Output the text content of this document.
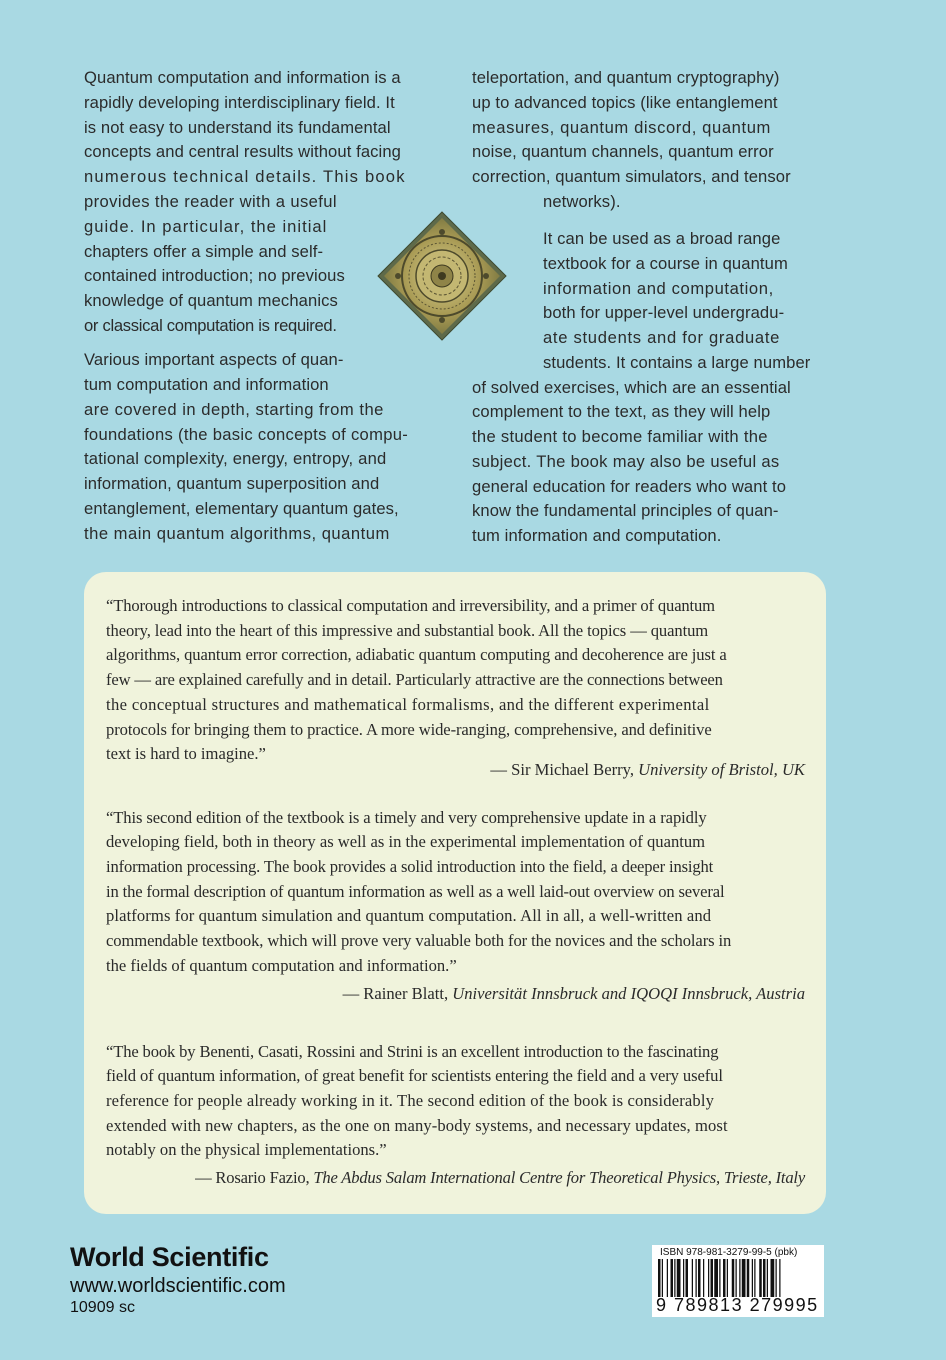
Quantum computation and information is a
rapidly developing interdisciplinary field. It
is not easy to understand its fundamental
concepts and central results without facing
numerous technical details. This book
provides the reader with a useful
guide. In particular, the initial
chapters offer a simple and self-
contained introduction; no previous
knowledge of quantum mechanics
or classical computation is required.
Various important aspects of quan-
tum computation and information
are covered in depth, starting from the
foundations (the basic concepts of compu-
tational complexity, energy, entropy, and
information, quantum superposition and
entanglement, elementary quantum gates,
the main quantum algorithms, quantum
teleportation, and quantum cryptography)
up to advanced topics (like entanglement
measures, quantum discord, quantum
noise, quantum channels, quantum error
correction, quantum simulators, and tensor
networks).
It can be used as a broad range
textbook for a course in quantum
information and computation,
both for upper-level undergradu-
ate students and for graduate
students. It contains a large number
of solved exercises, which are an essential
complement to the text, as they will help
the student to become familiar with the
subject. The book may also be useful as
general education for readers who want to
know the fundamental principles of quan-
tum information and computation.
“Thorough introductions to classical computation and irreversibility, and a primer of quantum
theory, lead into the heart of this impressive and substantial book. All the topics — quantum
algorithms, quantum error correction, adiabatic quantum computing and decoherence are just a
few — are explained carefully and in detail. Particularly attractive are the connections between
the conceptual structures and mathematical formalisms, and the different experimental
protocols for bringing them to practice. A more wide-ranging, comprehensive, and definitive
text is hard to imagine.”
— Sir Michael Berry, University of Bristol, UK
“This second edition of the textbook is a timely and very comprehensive update in a rapidly
developing field, both in theory as well as in the experimental implementation of quantum
information processing. The book provides a solid introduction into the field, a deeper insight
in the formal description of quantum information as well as a well laid-out overview on several
platforms for quantum simulation and quantum computation. All in all, a well-written and
commendable textbook, which will prove very valuable both for the novices and the scholars in
the fields of quantum computation and information.”
— Rainer Blatt, Universität Innsbruck and IQOQI Innsbruck, Austria
“The book by Benenti, Casati, Rossini and Strini is an excellent introduction to the fascinating
field of quantum information, of great benefit for scientists entering the field and a very useful
reference for people already working in it. The second edition of the book is considerably
extended with new chapters, as the one on many-body systems, and necessary updates, most
notably on the physical implementations.”
— Rosario Fazio, The Abdus Salam International Centre for Theoretical Physics, Trieste, Italy
World Scientific
www.worldscientific.com
10909 sc
ISBN 978-981-3279-99-5 (pbk)
9 789813 279995
